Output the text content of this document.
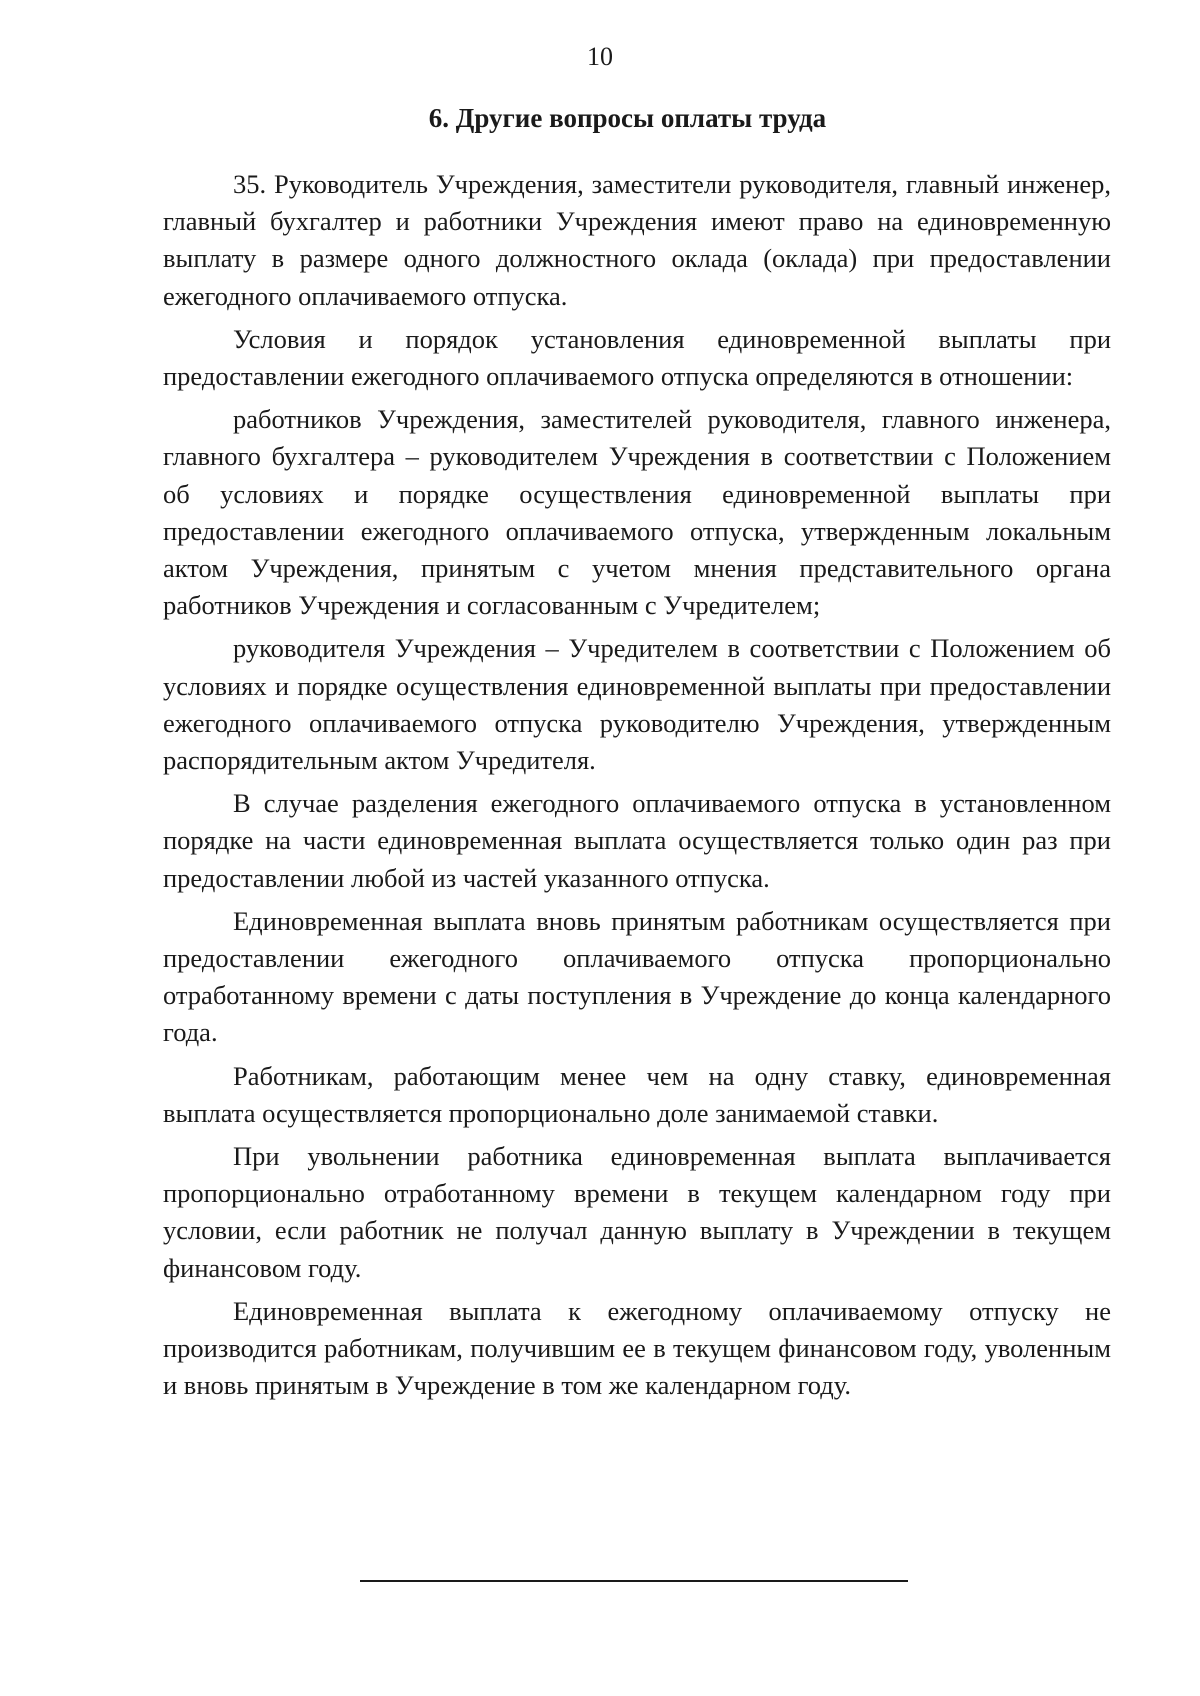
10
6. Другие вопросы оплаты труда

35. Руководитель Учреждения, заместители руководителя, главный инженер, главный бухгалтер и работники Учреждения имеют право на единовременную выплату в размере одного должностного оклада (оклада) при предоставлении ежегодного оплачиваемого отпуска.

Условия и порядок установления единовременной выплаты при предоставлении ежегодного оплачиваемого отпуска определяются в отношении:

работников Учреждения, заместителей руководителя, главного инженера, главного бухгалтера – руководителем Учреждения в соответствии с Положением об условиях и порядке осуществления единовременной выплаты при предоставлении ежегодного оплачиваемого отпуска, утвержденным локальным актом Учреждения, принятым с учетом мнения представительного органа работников Учреждения и согласованным с Учредителем;

руководителя Учреждения – Учредителем в соответствии с Положением об условиях и порядке осуществления единовременной выплаты при предоставлении ежегодного оплачиваемого отпуска руководителю Учреждения, утвержденным распорядительным актом Учредителя.

В случае разделения ежегодного оплачиваемого отпуска в установленном порядке на части единовременная выплата осуществляется только один раз при предоставлении любой из частей указанного отпуска.

Единовременная выплата вновь принятым работникам осуществляется при предоставлении ежегодного оплачиваемого отпуска пропорционально отработанному времени с даты поступления в Учреждение до конца календарного года.

Работникам, работающим менее чем на одну ставку, единовременная выплата осуществляется пропорционально доле занимаемой ставки.

При увольнении работника единовременная выплата выплачивается пропорционально отработанному времени в текущем календарном году при условии, если работник не получал данную выплату в Учреждении в текущем финансовом году.

Единовременная выплата к ежегодному оплачиваемому отпуску не производится работникам, получившим ее в текущем финансовом году, уволенным и вновь принятым в Учреждение в том же календарном году.
